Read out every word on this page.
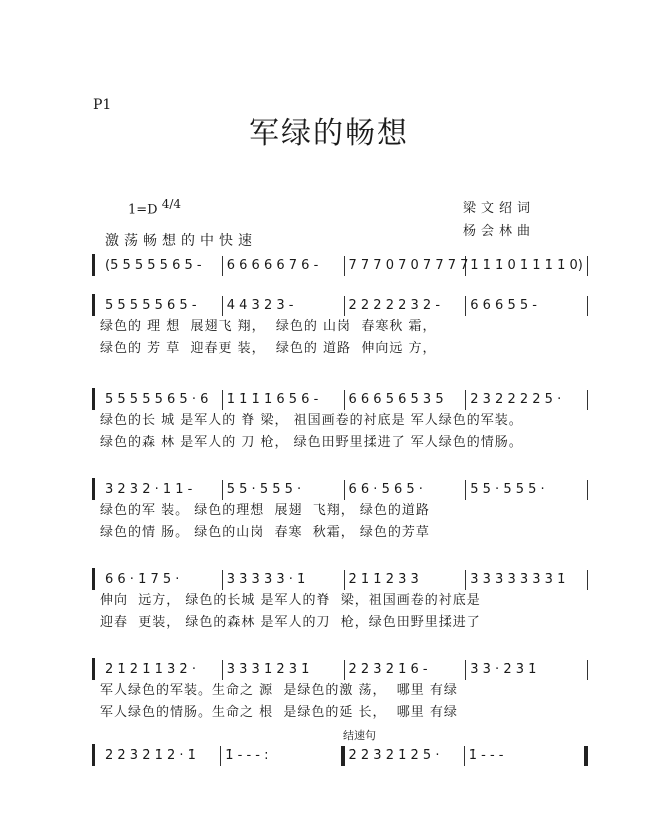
P1
军绿的畅想
1=D $^{4/4}$	梁文绍词
杨会林曲
激荡畅想的中快速
结速句
(5 5 5 5 5 6 5 -	6 6 6 6 6 7 6 -	7 7 7 0 7 0 7 7 7 7 1̇ 1̇ 1̇ 0 1̇ 1̇ 1̇ 1̇ 0)
5 5 5 5 5 6 5 -	4 4 3 2 3 -	2 2 2 2 2 3 2 -	6 6 6 5 5 -
绿色的 理 想  展翅飞 翔，  绿色的 山岗  春寒秋 霜，
绿色的 芳 草  迎春更 装，  绿色的 道路  伸向远 方，
5 5 5 5 5 6 5 · 6	1̇ 1̇ 1̇ 1̇ 6 5 6 -	6 6 6 5 6 5 3 5	2 3 2 2 2 2 5 ·
绿色的长 城 是军人的 脊 梁， 祖国画卷的衬底是 军人绿色的军装。
绿色的森 林 是军人的 刀 枪， 绿色田野里揉进了 军人绿色的情肠。
3 2 3 2 · 1 1 -	5 5 · 5 5 5 ·	6 6 · 5 6 5 ·	5 5 · 5 5 5 ·
绿色的军 装。 绿色的理想  展翅  飞翔， 绿色的道路
绿色的情 肠。 绿色的山岗  春寒  秋霜， 绿色的芳草
6 6 · 1̇ 7 5 ·	3̇ 3̇ 3̇ 3̇ 3̇ · 1̇	2̇ 1̇ 1̇ 2̇ 3̇ 3̇	3̇ 3̇ 3̇ 3̇ 3̇ 3̇ 3̇ 1̇
伸向  远方， 绿色的长城 是军人的脊  梁，祖国画卷的衬底是
迎春  更装， 绿色的森林 是军人的刀  枪，绿色田野里揉进了
2̇ 1̇ 2̇ 1̇ 1̇ 3̇ 2̇ ·	3̇ 3̇ 3̇ 1̇ 2̇ 3̇ 1̇	2̇ 2̇ 3̇ 2̇ 1̇ 6 -	3̇ 3̇ · 2̇ 3̇ 1̇
军人绿色的军装。生命之 源  是绿色的激 荡，  哪里 有绿
军人绿色的情肠。生命之 根  是绿色的延 长，  哪里 有绿
2̇ 2̇ 3̇ 2̇ 1̇ 2̇ · 1̇	1̇ - - - :	2̇ 2̇ 3̇ 2̇ 1̇ 2̇ 5̇ ·	1̇ - - -
